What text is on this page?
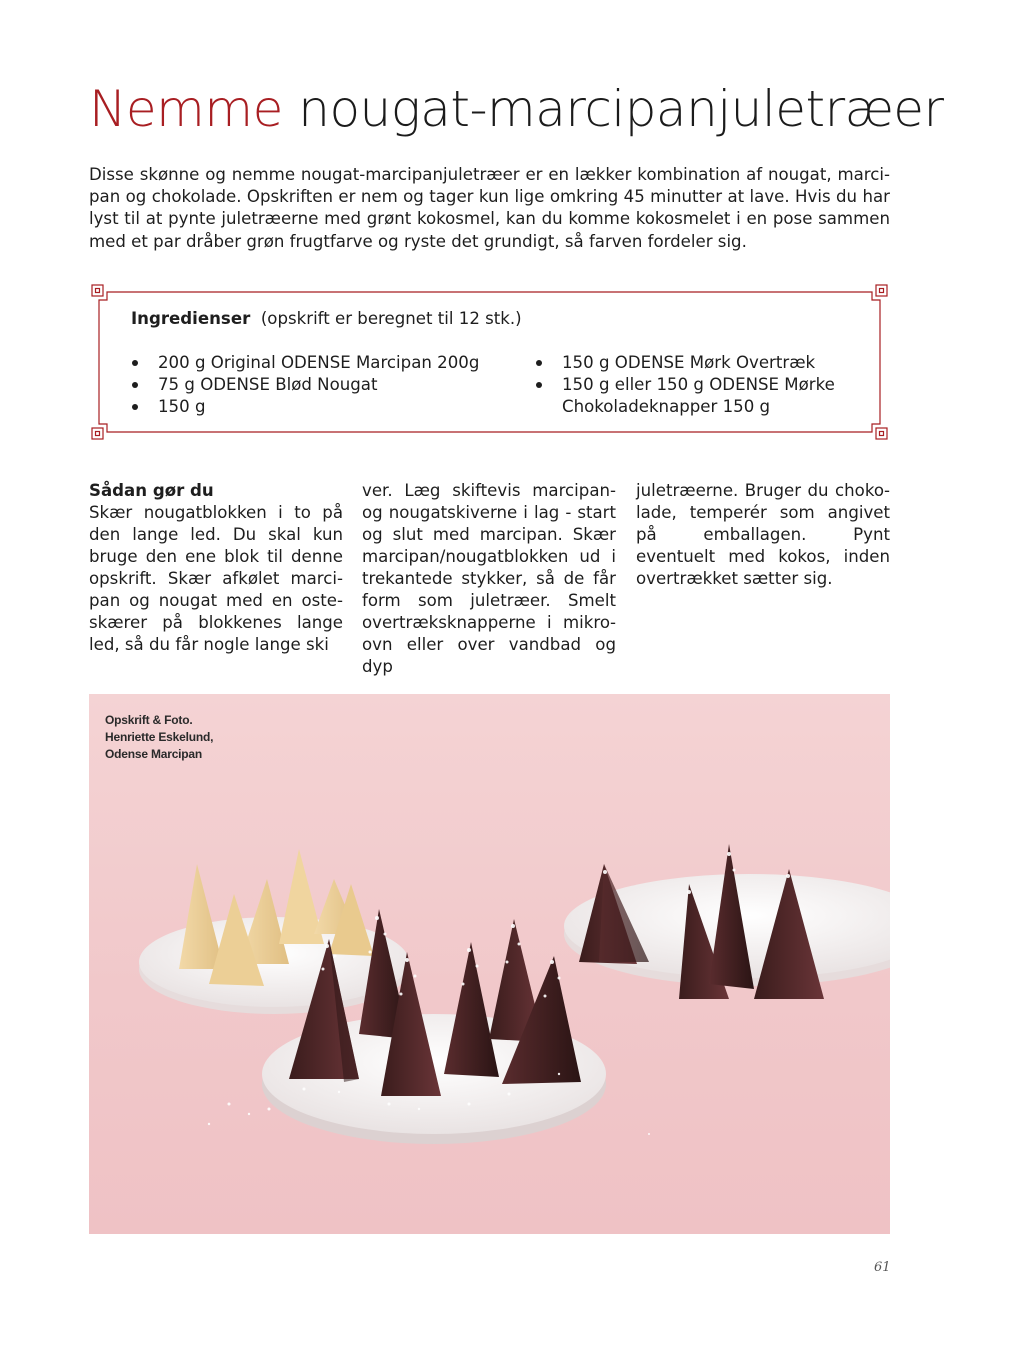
Nemme nougat-marcipanjuletræer

Disse skønne og nemme nougat-marcipanjuletræer er en lækker kombination af nougat, marcipan og chokolade. Opskriften er nem og tager kun lige omkring 45 minutter at lave. Hvis du har lyst til at pynte juletræerne med grønt kokosmel, kan du komme kokosmelet i en pose sammen med et par dråber grøn frugtfarve og ryste det grundigt, så farven fordeler sig.

Ingredienser (opskrift er beregnet til 12 stk.)
200 g Original ODENSE Marcipan 200g
75 g ODENSE Blød Nougat
150 g
150 g ODENSE Mørk Overtræk
150 g eller 150 g ODENSE Mørke Chokoladeknapper 150 g

Sådan gør du
Skær nougatblokken i to på den lange led. Du skal kun bruge den ene blok til denne opskrift. Skær afkølet marcipan og nougat med en osteskærer på blokkenes lange led, så du får nogle lange ski

ver. Læg skiftevis marcipan- og nougatskiverne i lag - start og slut med marcipan. Skær marcipan/nougatblokken ud i trekantede stykker, så de får form som juletræer. Smelt overtræksknapperne i mikroovn eller over vandbad og dyp

juletræerne. Bruger du chokolade, temperér som angivet på emballagen. Pynt eventuelt med kokos, inden overtrækket sætter sig.

Opskrift & Foto.
Henriette Eskelund,
Odense Marcipan

61
